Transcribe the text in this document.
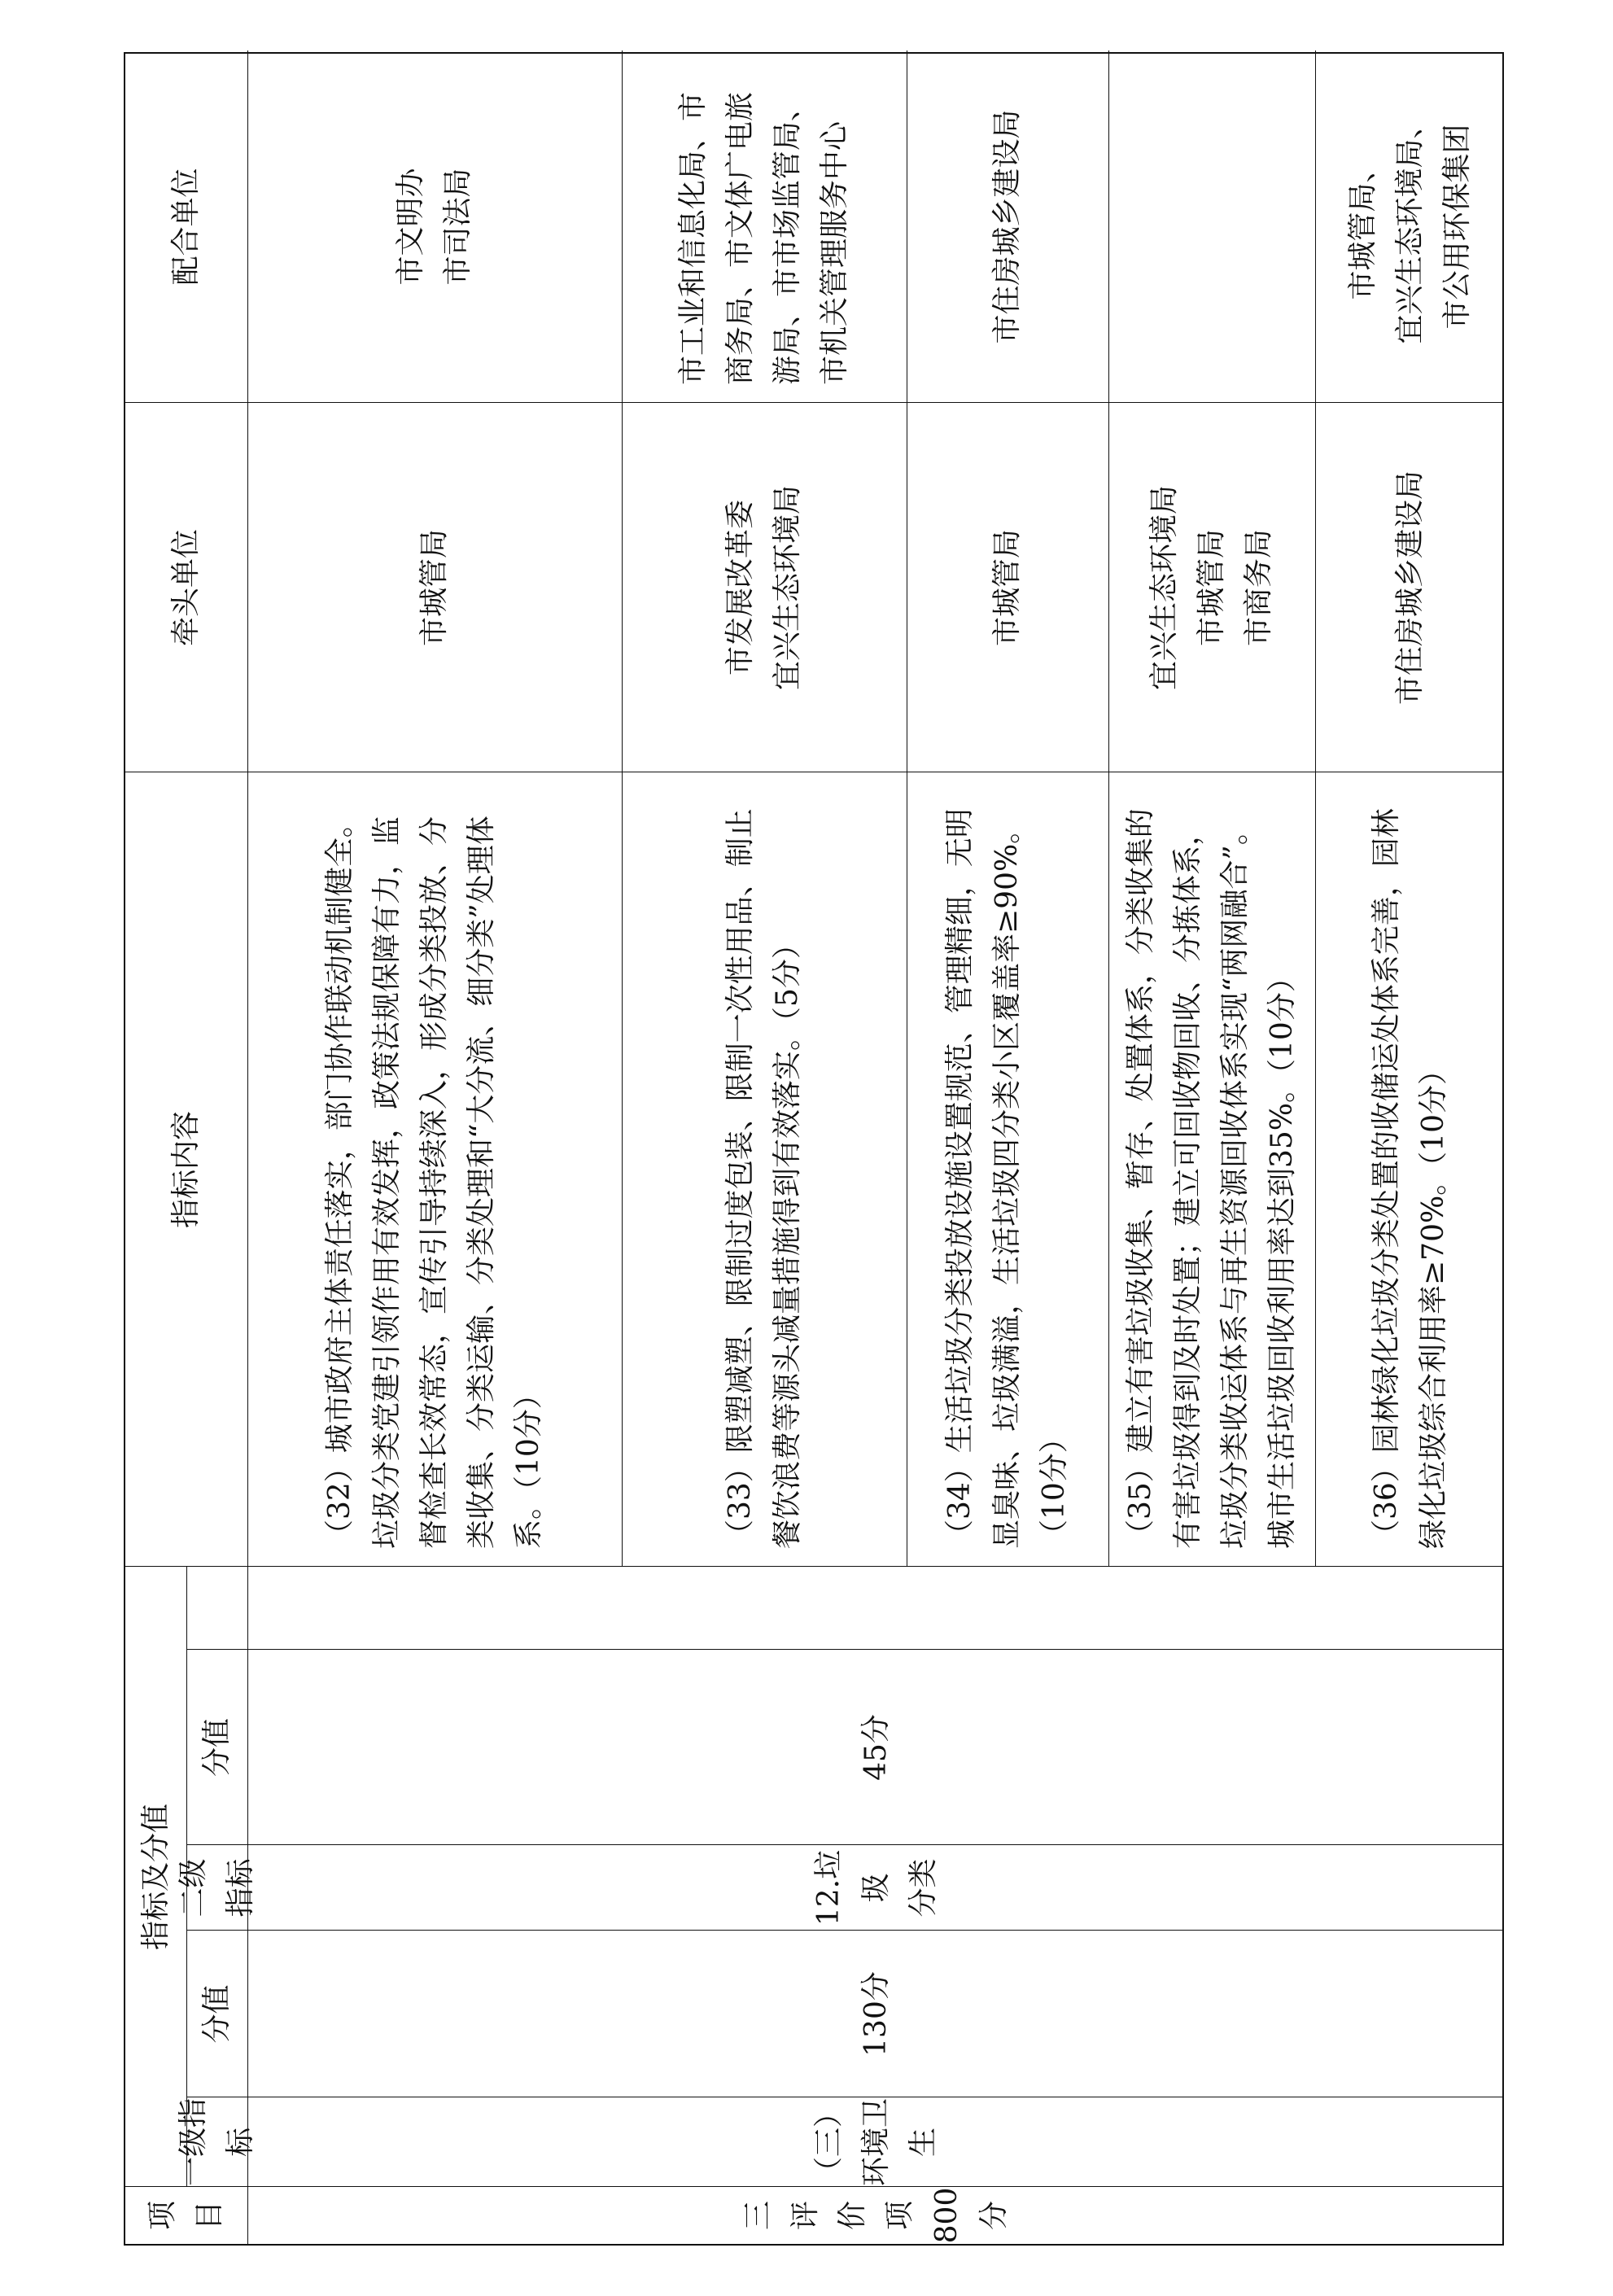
项目
指标及分值
一级指标
分值
二级指标
分值
指标内容
牵头单位
配合单位
三 评 价 项 800分
（三） 环境卫生
130分
12.垃圾 分类
45分
（32）城市政府主体责任落实，部门协作联动机制健全。垃圾分类党建引领作用有效发挥，政策法规保障有力，监督检查长效常态，宣传引导持续深入，形成分类投放、分类收集、分类运输、分类处理和“大分流、细分类”处理体系。（10分）
市城管局
市文明办 市司法局
（33）限塑减塑、限制过度包装、限制一次性用品、制止餐饮浪费等源头减量措施得到有效落实。（5分）
市发展改革委 宜兴生态环境局
市工业和信息化局、市商务局、市文体广电旅游局、市市场监管局、市机关管理服务中心
（34）生活垃圾分类投放设施设置规范、管理精细，无明显臭味、垃圾满溢，生活垃圾四分类小区覆盖率≥90%。（10分）
市城管局
市住房城乡建设局
（35）建立有害垃圾收集、暂存、处置体系，分类收集的有害垃圾得到及时处置；建立可回收物回收、分拣体系，垃圾分类收运体系与再生资源回收体系实现“两网融合”。城市生活垃圾回收利用率达到35%。（10分）
宜兴生态环境局 市城管局 市商务局
（36）园林绿化垃圾分类处置的收储运处体系完善，园林绿化垃圾综合利用率≥70%。（10分）
市住房城乡建设局
市城管局、 宜兴生态环境局、 市公用环保集团
